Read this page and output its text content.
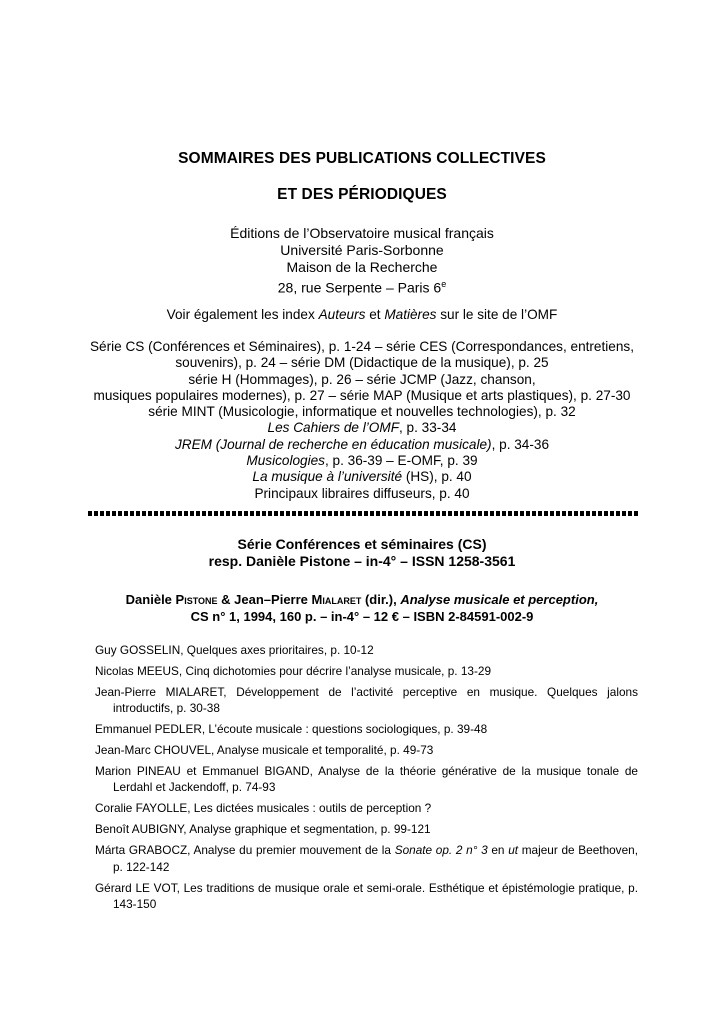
SOMMAIRES DES PUBLICATIONS COLLECTIVES
ET DES PÉRIODIQUES
Éditions de l’Observatoire musical français
Université Paris-Sorbonne
Maison de la Recherche
28, rue Serpente – Paris 6e
Voir également les index Auteurs et Matières sur le site de l’OMF
Série CS (Conférences et Séminaires), p. 1-24 – série CES (Correspondances, entretiens,
souvenirs), p. 24 – série DM (Didactique de la musique), p. 25
série H (Hommages), p. 26 – série JCMP (Jazz, chanson,
musiques populaires modernes), p. 27 – série MAP (Musique et arts plastiques), p. 27-30
série MINT (Musicologie, informatique et nouvelles technologies), p. 32
Les Cahiers de l’OMF, p. 33-34
JREM (Journal de recherche en éducation musicale), p. 34-36
Musicologies, p. 36-39 – E-OMF, p. 39
La musique à l’université (HS), p. 40
Principaux libraires diffuseurs, p. 40
Série Conférences et séminaires (CS)
resp. Danièle Pistone – in-4° – ISSN 1258-3561
Danièle Pistone & Jean–Pierre Mialaret (dir.), Analyse musicale et perception,
CS n° 1, 1994, 160 p. – in-4° – 12 € – ISBN 2-84591-002-9
Guy GOSSELIN, Quelques axes prioritaires, p. 10-12
Nicolas MEEUS, Cinq dichotomies pour décrire l’analyse musicale, p. 13-29
Jean-Pierre MIALARET, Développement de l’activité perceptive en musique. Quelques jalons introductifs, p. 30-38
Emmanuel PEDLER, L’écoute musicale : questions sociologiques, p. 39-48
Jean-Marc CHOUVEL, Analyse musicale et temporalité, p. 49-73
Marion PINEAU et Emmanuel BIGAND, Analyse de la théorie générative de la musique tonale de Lerdahl et Jackendoff, p. 74-93
Coralie FAYOLLE, Les dictées musicales : outils de perception ?
Benoît AUBIGNY, Analyse graphique et segmentation, p. 99-121
Márta GRABOCZ, Analyse du premier mouvement de la Sonate op. 2 n° 3 en ut majeur de Beethoven, p. 122-142
Gérard LE VOT, Les traditions de musique orale et semi-orale. Esthétique et épistémologie pratique, p. 143-150
